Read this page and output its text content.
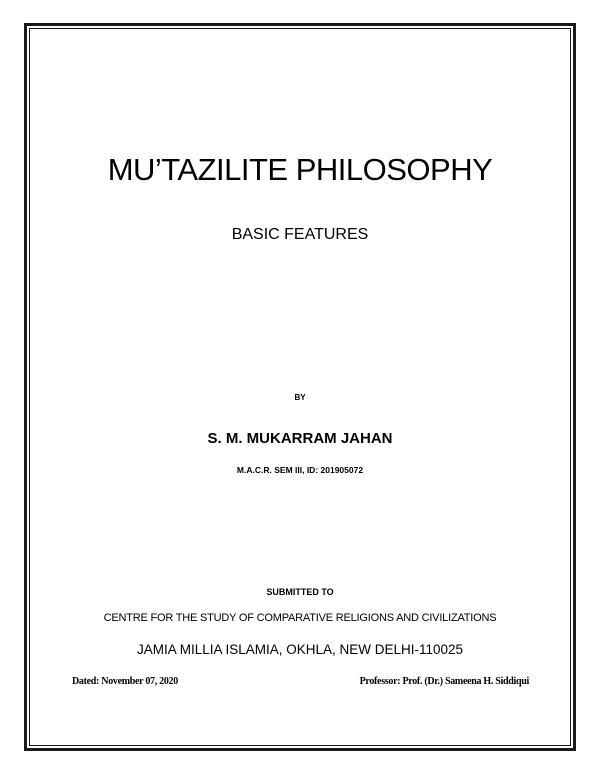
MU’TAZILITE PHILOSOPHY
BASIC FEATURES
BY
S. M. MUKARRAM JAHAN
M.A.C.R. SEM III, ID: 201905072
SUBMITTED TO
CENTRE FOR THE STUDY OF COMPARATIVE RELIGIONS AND CIVILIZATIONS
JAMIA MILLIA ISLAMIA, OKHLA, NEW DELHI-110025
Dated: November 07, 2020	Professor: Prof. (Dr.) Sameena H. Siddiqui
